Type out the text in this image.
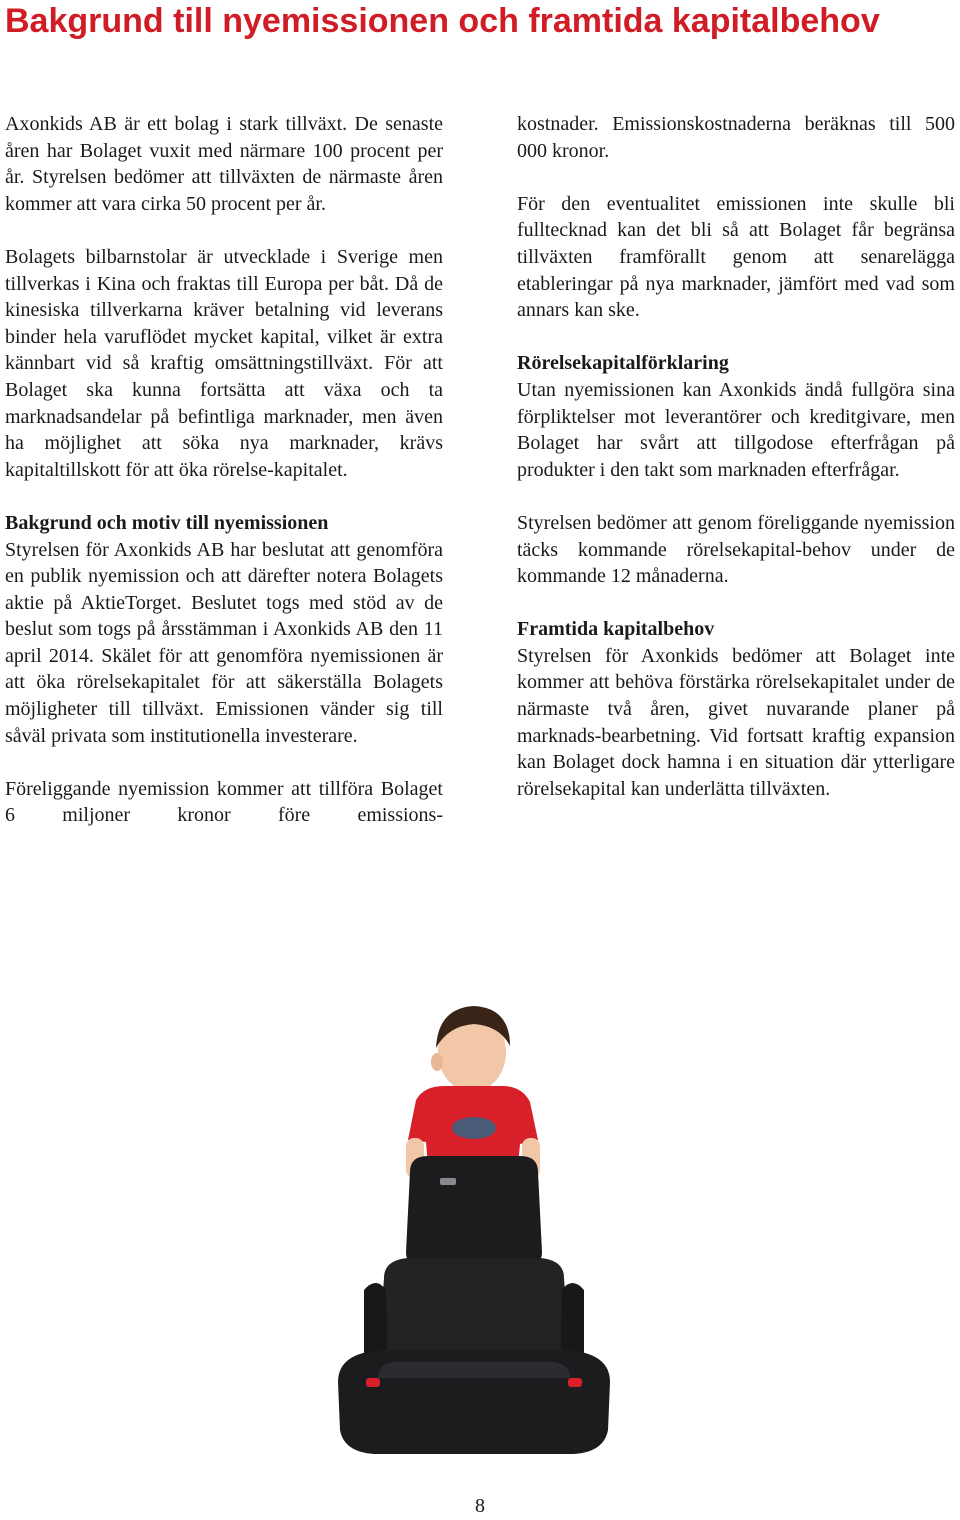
Bakgrund till nyemissionen och framtida kapitalbehov

Axonkids AB är ett bolag i stark tillväxt. De senaste åren har Bolaget vuxit med närmare 100 procent per år. Styrelsen bedömer att tillväxten de närmaste åren kommer att vara cirka 50 procent per år.

Bolagets bilbarnstolar är utvecklade i Sverige men tillverkas i Kina och fraktas till Europa per båt. Då de kinesiska tillverkarna kräver betalning vid leverans binder hela varuflödet mycket kapital, vilket är extra kännbart vid så kraftig omsättningstillväxt. För att Bolaget ska kunna fortsätta att växa och ta marknadsandelar på befintliga marknader, men även ha möjlighet att söka nya marknader, krävs kapitaltillskott för att öka rörelse-kapitalet.

Bakgrund och motiv till nyemissionen

Styrelsen för Axonkids AB har beslutat att genomföra en publik nyemission och att därefter notera Bolagets aktie på AktieTorget. Beslutet togs med stöd av de beslut som togs på årsstämman i Axonkids AB den 11 april 2014. Skälet för att genomföra nyemissionen är att öka rörelsekapitalet för att säkerställa Bolagets möjligheter till tillväxt. Emissionen vänder sig till såväl privata som institutionella investerare.

Föreliggande nyemission kommer att tillföra Bolaget 6 miljoner kronor före emissions-

kostnader. Emissionskostnaderna beräknas till 500 000 kronor.

För den eventualitet emissionen inte skulle bli fulltecknad kan det bli så att Bolaget får begränsa tillväxten framförallt genom att senarelägga etableringar på nya marknader, jämfört med vad som annars kan ske.

Rörelsekapitalförklaring

Utan nyemissionen kan Axonkids ändå fullgöra sina förpliktelser mot leverantörer och kreditgivare, men Bolaget har svårt att tillgodose efterfrågan på produkter i den takt som marknaden efterfrågar.

Styrelsen bedömer att genom föreliggande nyemission täcks kommande rörelsekapital-behov under de kommande 12 månaderna.

Framtida kapitalbehov

Styrelsen för Axonkids bedömer att Bolaget inte kommer att behöva förstärka rörelsekapitalet under de närmaste två åren, givet nuvarande planer på marknads-bearbetning. Vid fortsatt kraftig expansion kan Bolaget dock hamna i en situation där ytterligare rörelsekapital kan underlätta tillväxten.

8
